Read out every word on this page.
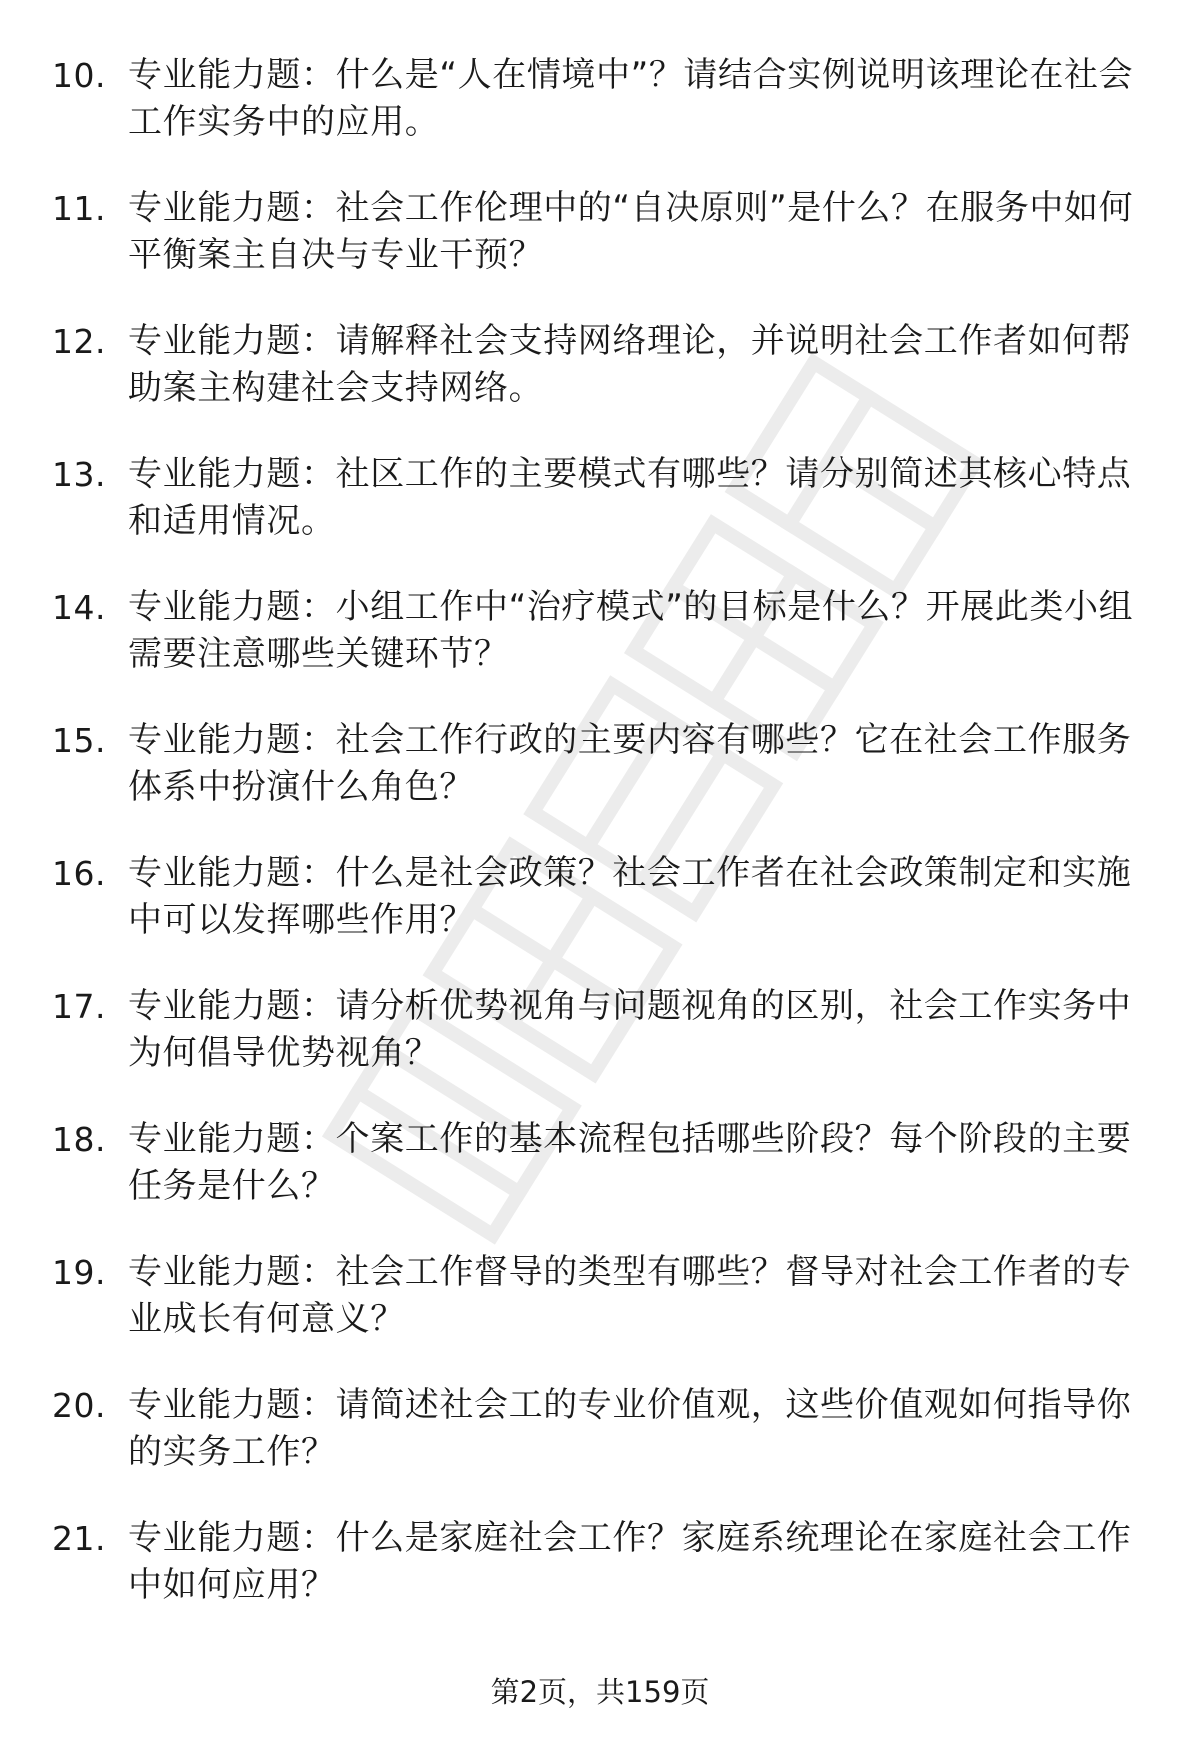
10. 专业能力题：什么是“人在情境中”？请结合实例说明该理论在社会工作实务中的应用。
11. 专业能力题：社会工作伦理中的“自决原则”是什么？在服务中如何平衡案主自决与专业干预？
12. 专业能力题：请解释社会支持网络理论，并说明社会工作者如何帮助案主构建社会支持网络。
13. 专业能力题：社区工作的主要模式有哪些？请分别简述其核心特点和适用情况。
14. 专业能力题：小组工作中“治疗模式”的目标是什么？开展此类小组需要注意哪些关键环节？
15. 专业能力题：社会工作行政的主要内容有哪些？它在社会工作服务体系中扮演什么角色？
16. 专业能力题：什么是社会政策？社会工作者在社会政策制定和实施中可以发挥哪些作用？
17. 专业能力题：请分析优势视角与问题视角的区别，社会工作实务中为何倡导优势视角？
18. 专业能力题：个案工作的基本流程包括哪些阶段？每个阶段的主要任务是什么？
19. 专业能力题：社会工作督导的类型有哪些？督导对社会工作者的专业成长有何意义？
20. 专业能力题：请简述社会工的专业价值观，这些价值观如何指导你的实务工作？
21. 专业能力题：什么是家庭社会工作？家庭系统理论在家庭社会工作中如何应用？
第2页，共159页
